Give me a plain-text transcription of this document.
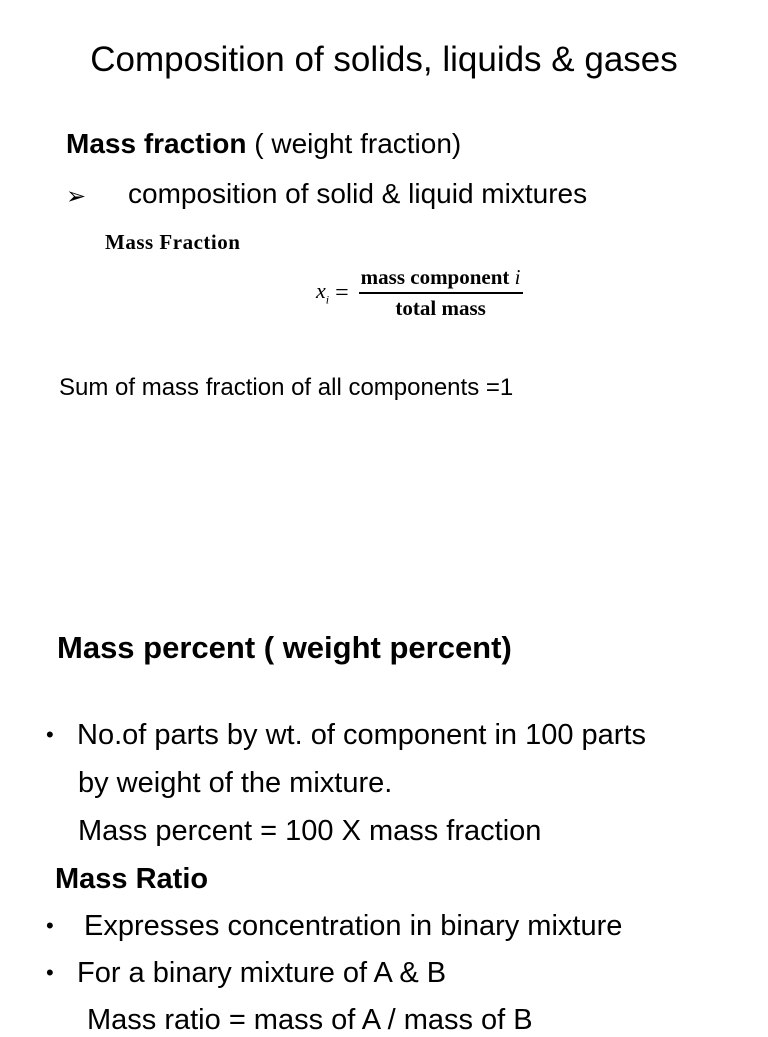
Composition of solids, liquids & gases
Mass fraction ( weight fraction)
➢ composition of solid & liquid mixtures
Mass Fraction
$x_i = \frac{\text{mass component i}}{\text{total mass}}$
Sum of mass fraction of all components =1
Mass percent ( weight percent)
• No.of parts by wt. of component in 100 parts
by weight of the mixture.
Mass percent = 100 X mass fraction
Mass Ratio
• Expresses concentration in binary mixture
• For a binary mixture of A & B
Mass ratio = mass of A / mass of B
